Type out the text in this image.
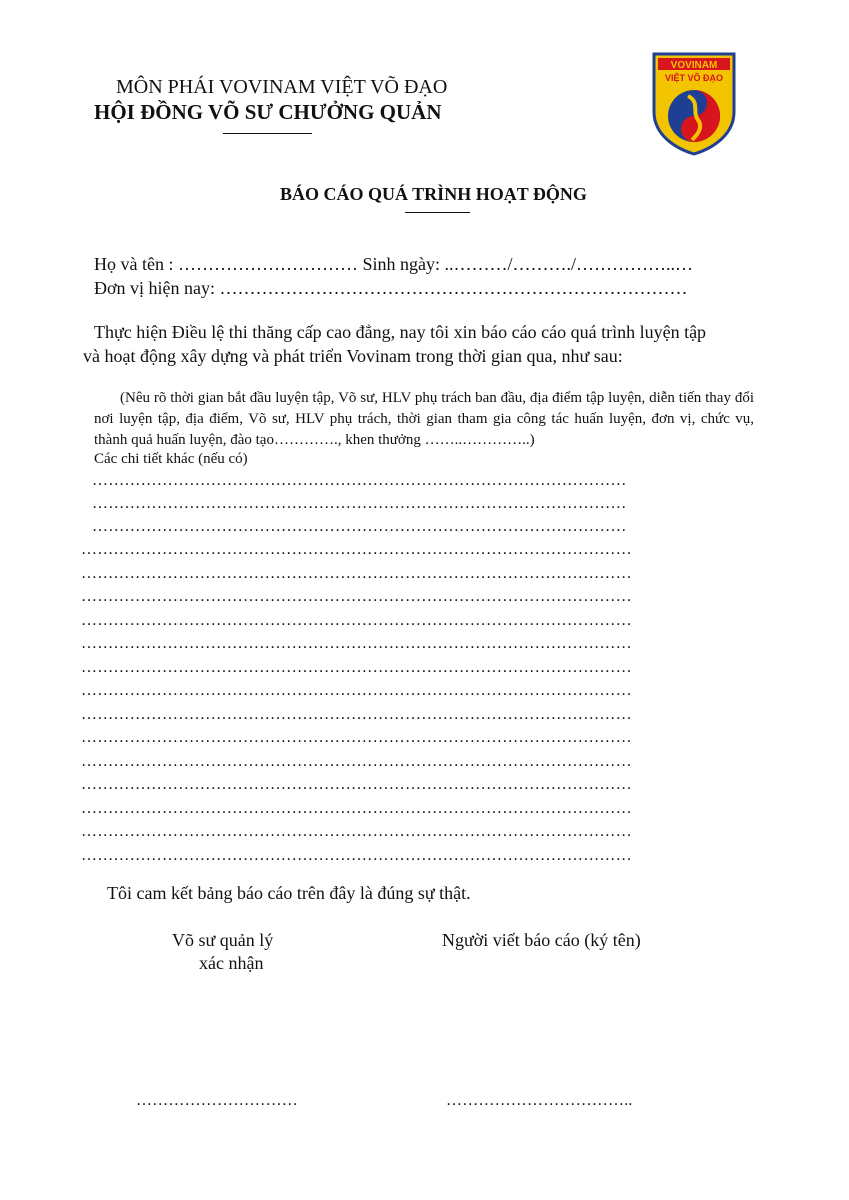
VOVINAM
VIỆT VÕ ĐẠO
MÔN PHÁI VOVINAM VIỆT VÕ ĐẠO
HỘI ĐỒNG VÕ SƯ CHƯỞNG QUẢN
BÁO CÁO QUÁ TRÌNH HOẠT ĐỘNG
Họ và tên : ………………………… Sinh ngày: ..………/………./……………..…
Đơn vị hiện nay: ……………………………………………………………………
Thực hiện Điều lệ thi thăng cấp cao đẳng, nay tôi xin báo cáo cáo quá trình luyện tập
và hoạt động xây dựng và phát triển Vovinam trong thời gian qua, như sau:
(Nêu rõ thời gian bắt đầu luyện tập, Võ sư, HLV phụ trách ban đầu, địa điểm tập luyện, diễn tiến thay đổi nơi luyện tập, địa điểm, Võ sư, HLV phụ trách, thời gian tham gia công tác huấn luyện, đơn vị, chức vụ, thành quả huấn luyện, đào tạo…………., khen thưởng ……..…………..)
Các chi tiết khác (nếu có)
………………………………………………………………………………………
………………………………………………………………………………………
………………………………………………………………………………………
…………………………………………………………………………………………
…………………………………………………………………………………………
…………………………………………………………………………………………
…………………………………………………………………………………………
…………………………………………………………………………………………
…………………………………………………………………………………………
…………………………………………………………………………………………
…………………………………………………………………………………………
…………………………………………………………………………………………
…………………………………………………………………………………………
…………………………………………………………………………………………
…………………………………………………………………………………………
…………………………………………………………………………………………
…………………………………………………………………………………………
Tôi cam kết bảng báo cáo trên đây là đúng sự thật.
Võ sư quản lý
xác nhận
Người viết báo cáo (ký tên)
…………………………	……………………………..
